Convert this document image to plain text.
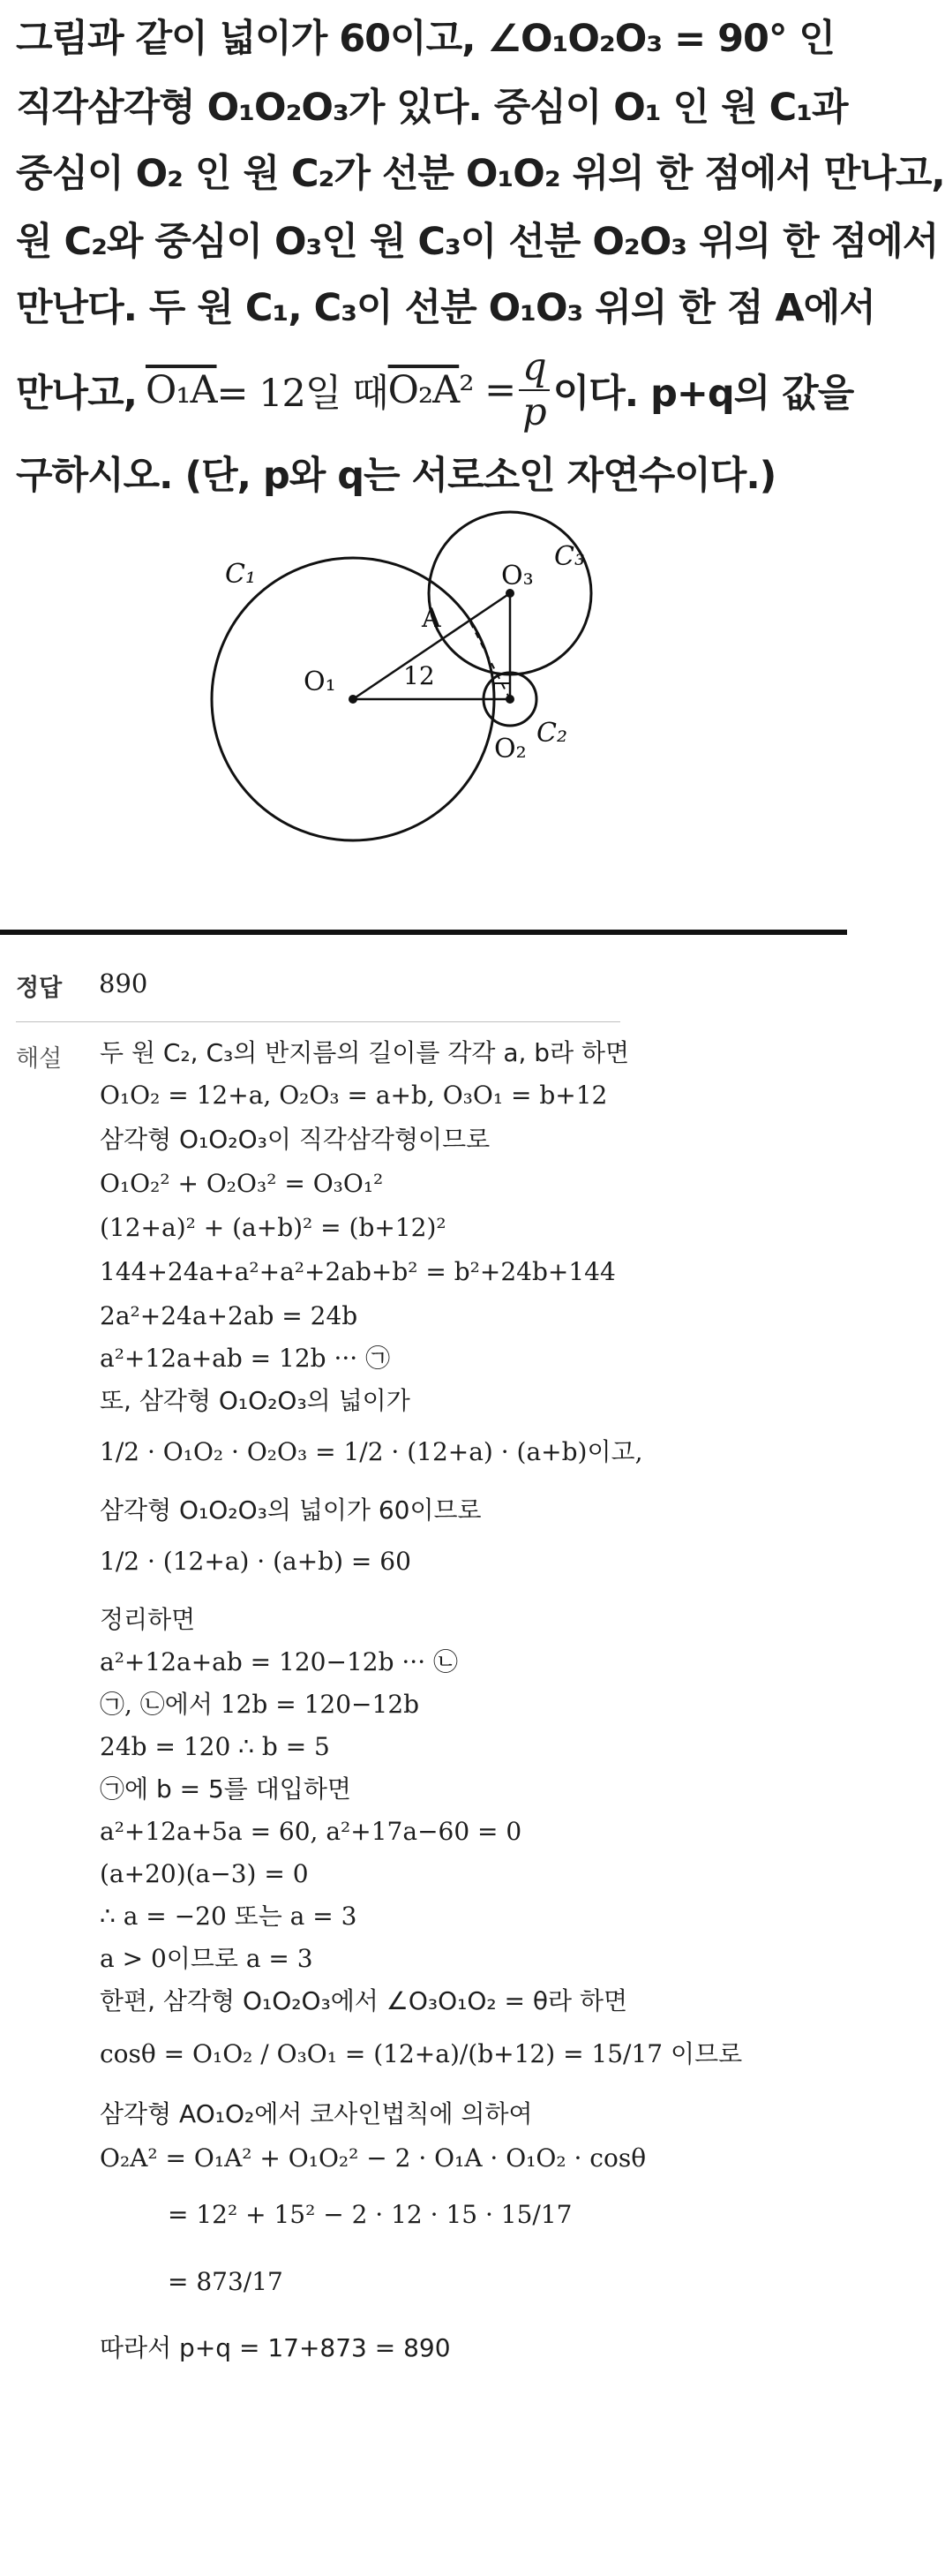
그림과 같이 넓이가 60이고, ∠O₁O₂O₃ = 90° 인
직각삼각형 O₁O₂O₃가 있다. 중심이 O₁ 인 원 C₁과
중심이 O₂ 인 원 C₂가 선분 O₁O₂ 위의 한 점에서 만나고,
원 C₂와 중심이 O₃인 원 C₃이 선분 O₂O₃ 위의 한 점에서
만난다. 두 원 C₁, C₃이 선분 O₁O₃ 위의 한 점 A에서
만나고, O₁A = 12일 때 O₂A $^2 = \frac{q}{p}$ 이다. p+q의 값을
구하시오. (단, p와 q는 서로소인 자연수이다.)
C₁
C₂
C₃
O₁
O₂
O₃
A
12
정답 890
해설 두 원 C₂, C₃의 반지름의 길이를 각각 a, b라 하면
O₁O₂ = 12+a, O₂O₃ = a+b, O₃O₁ = b+12
삼각형 O₁O₂O₃이 직각삼각형이므로
O₁O₂² + O₂O₃² = O₃O₁²
(12+a)² + (a+b)² = (b+12)²
144+24a+a²+a²+2ab+b² = b²+24b+144
2a²+24a+2ab = 24b
a²+12a+ab = 12b ··· ㉠
또, 삼각형 O₁O₂O₃의 넓이가
1/2 · O₁O₂ · O₂O₃ = 1/2 · (12+a) · (a+b)이고,
삼각형 O₁O₂O₃의 넓이가 60이므로
1/2 · (12+a) · (a+b) = 60
정리하면
a²+12a+ab = 120−12b ··· ㉡
㉠, ㉡에서 12b = 120−12b
24b = 120 ∴ b = 5
㉠에 b = 5를 대입하면
a²+12a+5a = 60, a²+17a−60 = 0
(a+20)(a−3) = 0
∴ a = −20 또는 a = 3
a > 0이므로 a = 3
한편, 삼각형 O₁O₂O₃에서 ∠O₃O₁O₂ = θ라 하면
cosθ = O₁O₂ / O₃O₁ = (12+a)/(b+12) = 15/17 이므로
삼각형 AO₁O₂에서 코사인법칙에 의하여
O₂A² = O₁A² + O₁O₂² − 2 · O₁A · O₁O₂ · cosθ
= 12² + 15² − 2 · 12 · 15 · 15/17
= 873/17
따라서 p+q = 17+873 = 890
